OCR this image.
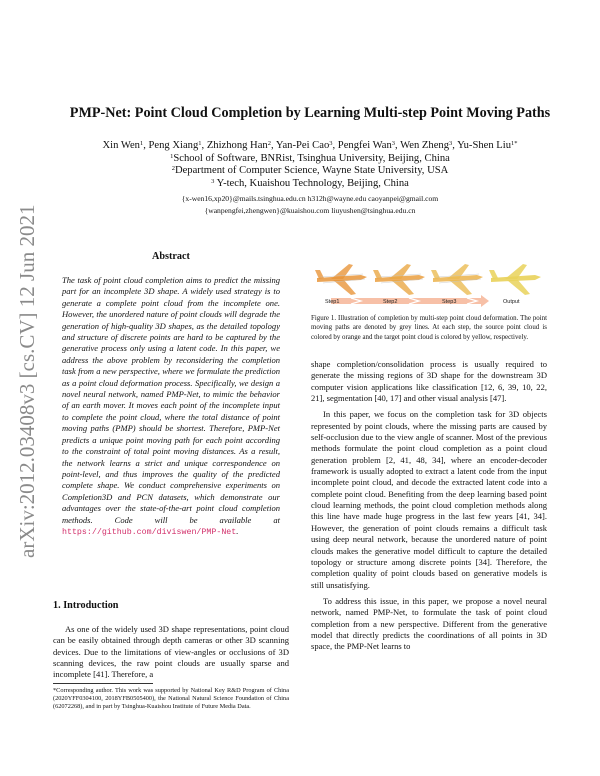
arXiv:2012.03408v3 [cs.CV] 12 Jun 2021
PMP-Net: Point Cloud Completion by Learning Multi-step Point Moving Paths
Xin Wen$^1$, Peng Xiang$^1$, Zhizhong Han$^2$, Yan-Pei Cao$^3$, Pengfei Wan$^3$, Wen Zheng$^3$, Yu-Shen Liu$^{1*}$
$^1$School of Software, BNRist, Tsinghua University, Beijing, China
$^2$Department of Computer Science, Wayne State University, USA
$^3$ Y-tech, Kuaishou Technology, Beijing, China
{x-wen16,xp20}@mails.tsinghua.edu.cn h312h@wayne.edu caoyanpei@gmail.com
{wanpengfei,zhengwen}@kuaishou.com liuyushen@tsinghua.edu.cn
Abstract
The task of point cloud completion aims to predict the missing part for an incomplete 3D shape. A widely used strategy is to generate a complete point cloud from the incomplete one. However, the unordered nature of point clouds will degrade the generation of high-quality 3D shapes, as the detailed topology and structure of discrete points are hard to be captured by the generative process only using a latent code. In this paper, we address the above problem by reconsidering the completion task from a new perspective, where we formulate the prediction as a point cloud deformation process. Specifically, we design a novel neural network, named PMP-Net, to mimic the behavior of an earth mover. It moves each point of the incomplete input to complete the point cloud, where the total distance of point moving paths (PMP) should be shortest. Therefore, PMP-Net predicts a unique point moving path for each point according to the constraint of total point moving distances. As a result, the network learns a strict and unique correspondence on point-level, and thus improves the quality of the predicted complete shape. We conduct comprehensive experiments on Completion3D and PCN datasets, which demonstrate our advantages over the state-of-the-art point cloud completion methods. Code will be available at https://github.com/diviswen/PMP-Net.
1. Introduction

As one of the widely used 3D shape representations, point cloud can be easily obtained through depth cameras or other 3D scanning devices. Due to the limitations of view-angles or occlusions of 3D scanning devices, the raw point clouds are usually sparse and incomplete [41]. Therefore, a

*Corresponding author. This work was supported by National Key R&D Program of China (2020YFF0304100, 2018YFB0505400), the National Natural Science Foundation of China (62072268), and in part by Tsinghua-Kuaishou Institute of Future Media Data.
Step1	Step2	Step3	Output
Figure 1. Illustration of completion by multi-step point cloud deformation. The point moving paths are denoted by grey lines. At each step, the source point cloud is colored by orange and the target point cloud is colored by yellow, respectively.

shape completion/consolidation process is usually required to generate the missing regions of 3D shape for the downstream 3D computer vision applications like classification [12, 6, 39, 10, 22, 21], segmentation [40, 17] and other visual analysis [47].

In this paper, we focus on the completion task for 3D objects represented by point clouds, where the missing parts are caused by self-occlusion due to the view angle of scanner. Most of the previous methods formulate the point cloud completion as a point cloud generation problem [2, 41, 48, 34], where an encoder-decoder framework is usually adopted to extract a latent code from the input incomplete point cloud, and decode the extracted latent code into a complete point cloud. Benefiting from the deep learning based point cloud learning methods, the point cloud completion methods along this line have made huge progress in the last few years [41, 34]. However, the generation of point clouds remains a difficult task using deep neural network, because the unordered nature of point clouds makes the generative model difficult to capture the detailed topology or structure among discrete points [34]. Therefore, the completion quality of point clouds based on generative models is still unsatisfying.

To address this issue, in this paper, we propose a novel neural network, named PMP-Net, to formulate the task of point cloud completion from a new perspective. Different from the generative model that directly predicts the coordinations of all points in 3D space, the PMP-Net learns to
